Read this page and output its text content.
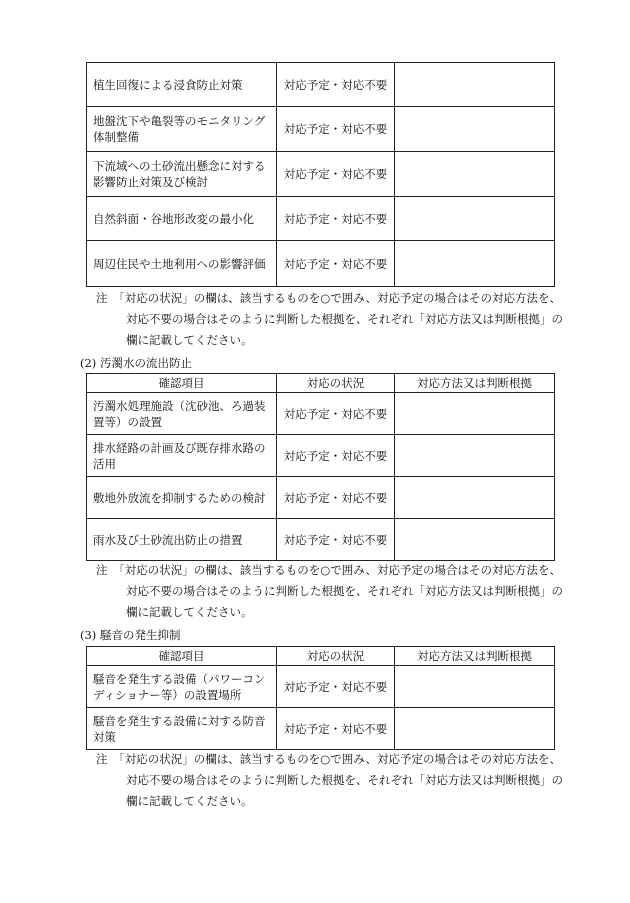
植生回復による浸食防止対策	対応予定・対応不要	
地盤沈下や亀裂等のモニタリング体制整備	対応予定・対応不要	
下流域への土砂流出懸念に対する影響防止対策及び検討	対応予定・対応不要	
自然斜面・谷地形改変の最小化	対応予定・対応不要	
周辺住民や土地利用への影響評価	対応予定・対応不要	
注　 「対応の状況」の欄は、該当するものを○で囲み、対応予定の場合はその対応方法を、対応不要の場合はそのように判断した根拠を、それぞれ「対応方法又は判断根拠」の欄に記載してください。
(2) 汚濁水の流出防止
確認項目	対応の状況	対応方法又は判断根拠
汚濁水処理施設（沈砂池、ろ過装置等）の設置	対応予定・対応不要	
排水経路の計画及び既存排水路の活用	対応予定・対応不要	
敷地外放流を抑制するための検討	対応予定・対応不要	
雨水及び土砂流出防止の措置	対応予定・対応不要	
注　 「対応の状況」の欄は、該当するものを○で囲み、対応予定の場合はその対応方法を、対応不要の場合はそのように判断した根拠を、それぞれ「対応方法又は判断根拠」の欄に記載してください。
(3) 騒音の発生抑制
確認項目	対応の状況	対応方法又は判断根拠
騒音を発生する設備（パワーコンディショナー等）の設置場所	対応予定・対応不要	
騒音を発生する設備に対する防音対策	対応予定・対応不要	
注　 「対応の状況」の欄は、該当するものを○で囲み、対応予定の場合はその対応方法を、対応不要の場合はそのように判断した根拠を、それぞれ「対応方法又は判断根拠」の欄に記載してください。
